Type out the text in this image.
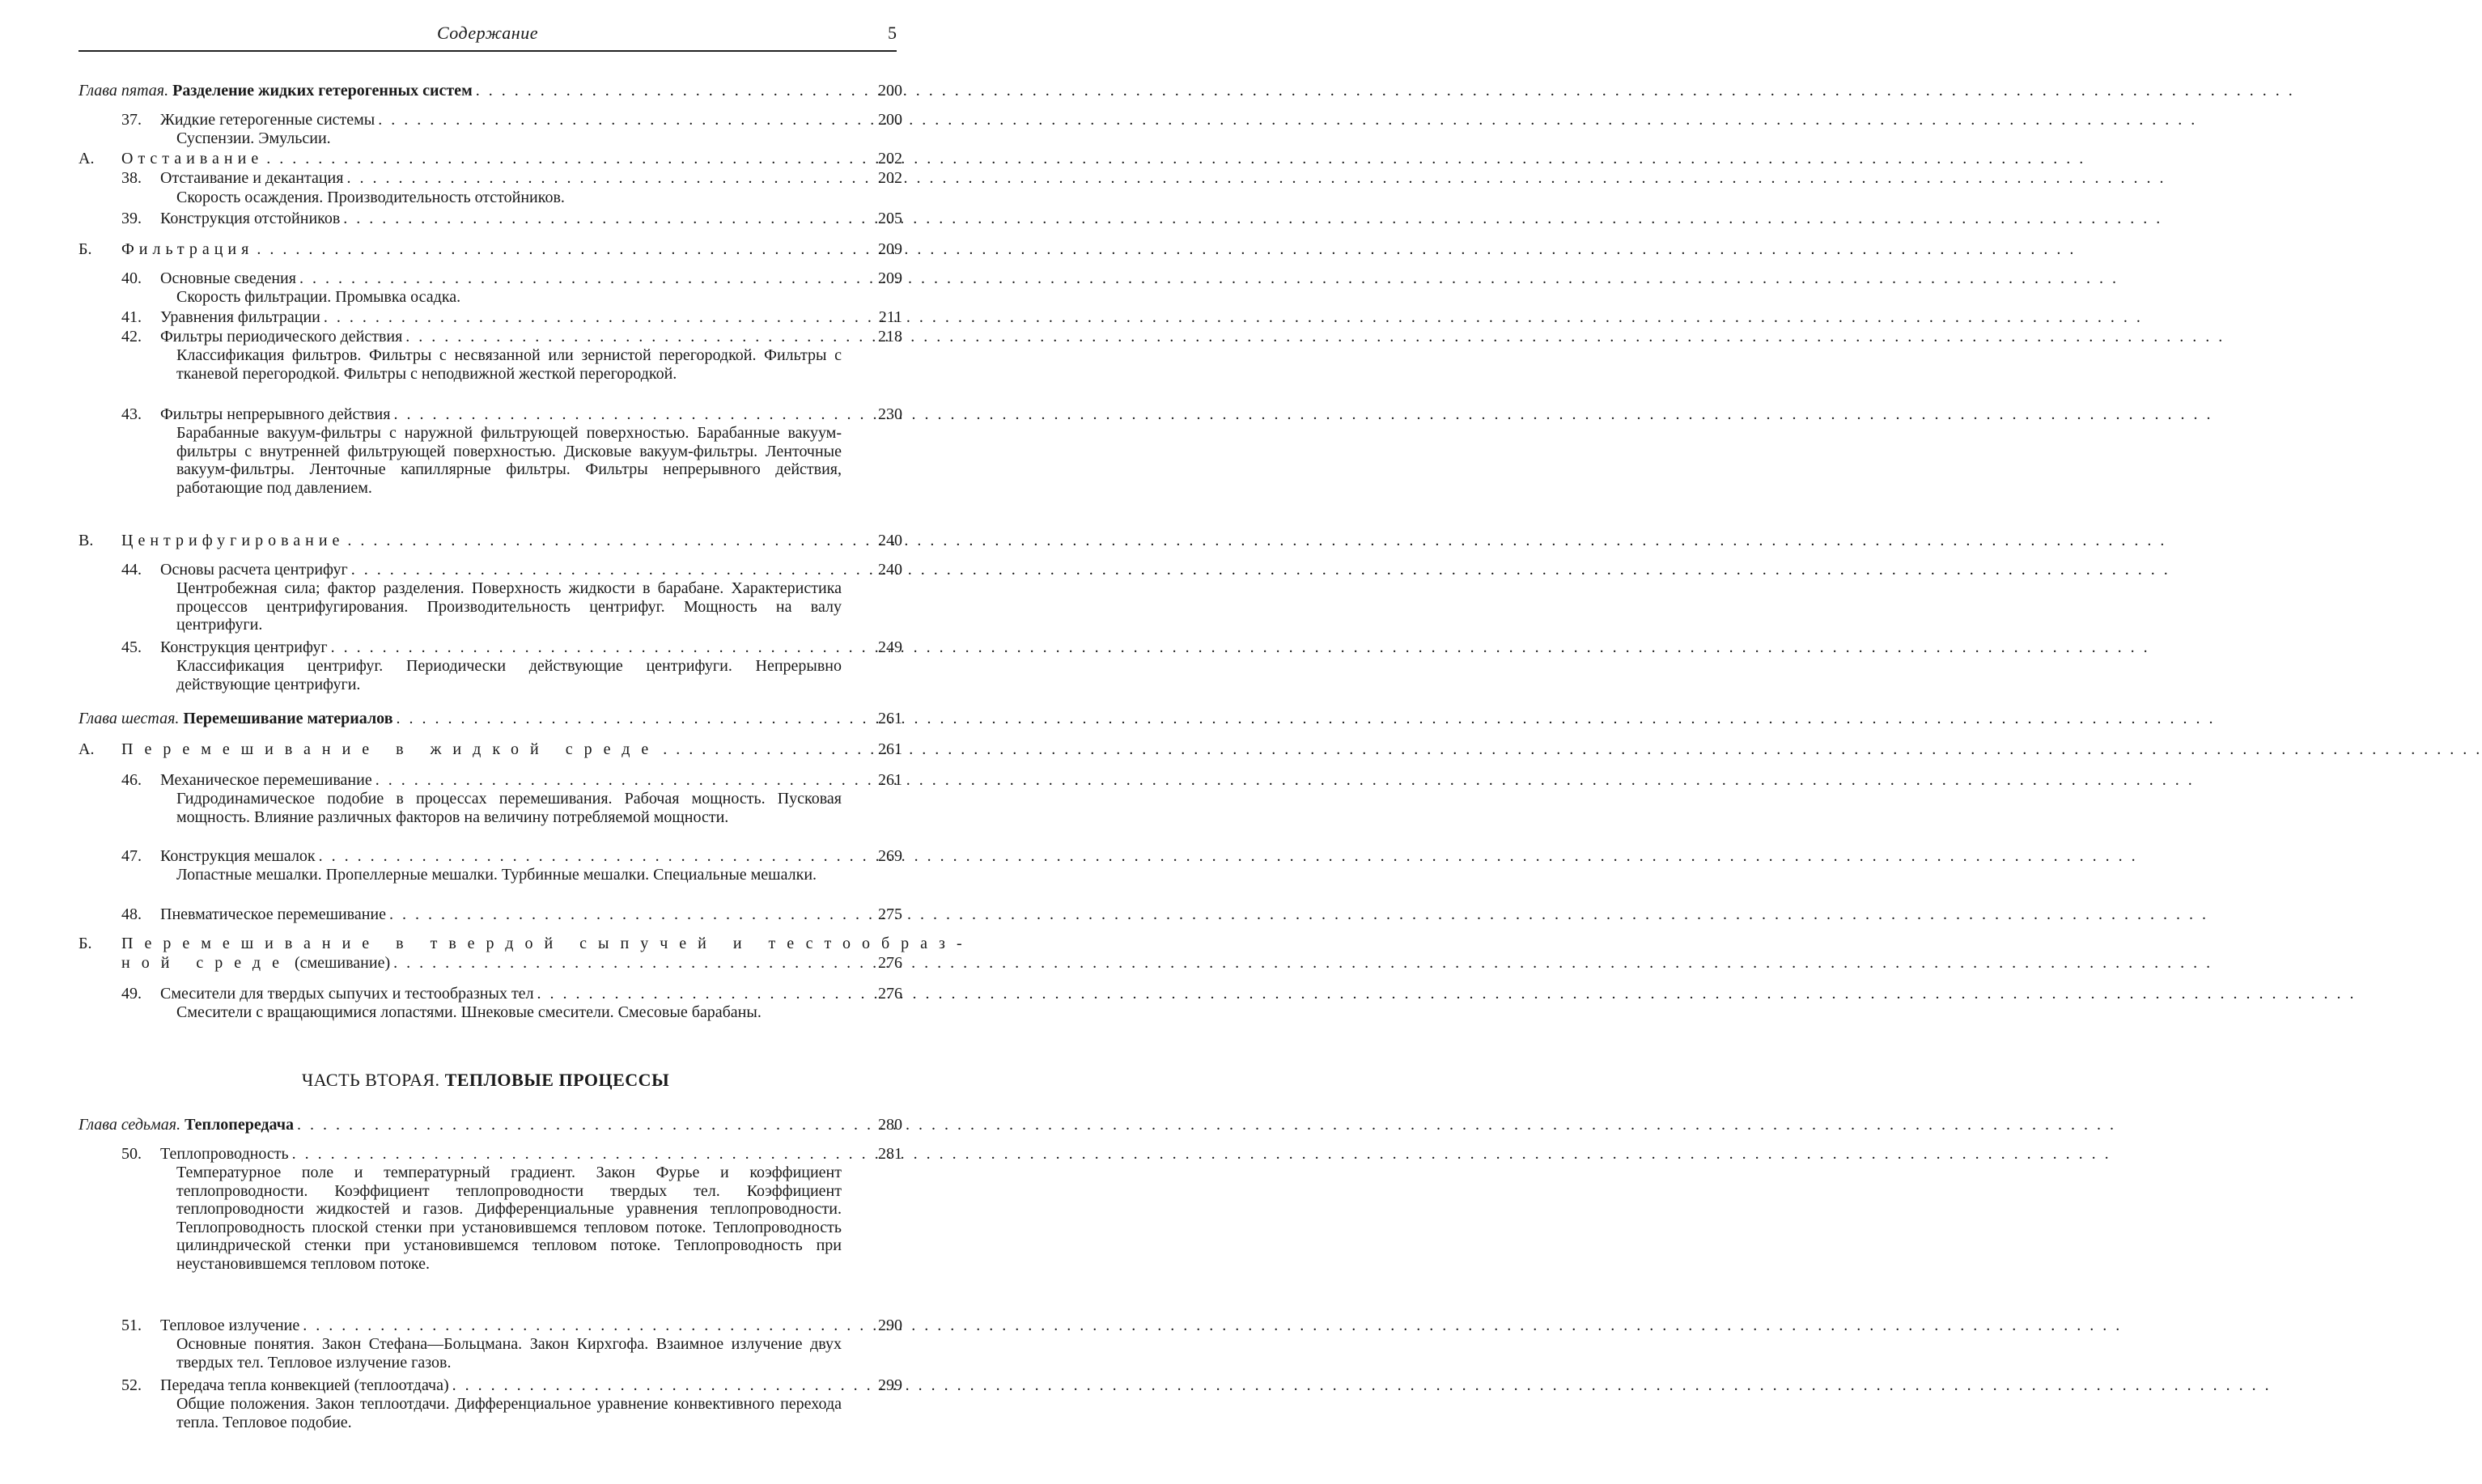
Содержание	5
Глава пятая. Разделение жидких гетерогенных систем . . .	200
37. Жидкие гетерогенные системы . . .	200
Суспензии. Эмульсии.
А. Отстаивание . . .	202
38. Отстаивание и декантация . . .	202
Скорость осаждения. Производительность отстойников.
39. Конструкция отстойников . . .	205
Б. Фильтрация . . .	209
40. Основные сведения . . .	209
Скорость фильтрации. Промывка осадка.
41. Уравнения фильтрации . . .	211
42. Фильтры периодического действия . . .	218
Классификация фильтров. Фильтры с несвязанной или зернистой перегородкой. Фильтры с тканевой перегородкой. Фильтры с неподвижной жесткой перегородкой.
43. Фильтры непрерывного действия . . .	230
Барабанные вакуум-фильтры с наружной фильтрующей поверхностью. Барабанные вакуум-фильтры с внутренней фильтрующей поверхностью. Дисковые вакуум-фильтры. Ленточные вакуум-фильтры. Ленточные капиллярные фильтры. Фильтры непрерывного действия, работающие под давлением.
В. Центрифугирование . . .	240
44. Основы расчета центрифуг . . .	240
Центробежная сила; фактор разделения. Поверхность жидкости в барабане. Характеристика процессов центрифугирования. Производительность центрифуг. Мощность на валу центрифуги.
45. Конструкция центрифуг . . .	249
Классификация центрифуг. Периодически действующие центрифуги. Непрерывно действующие центрифуги.
Глава шестая. Перемешивание материалов . . .	261
А. Перемешивание в жидкой среде . . .	261
46. Механическое перемешивание . . .	261
Гидродинамическое подобие в процессах перемешивания. Рабочая мощность. Пусковая мощность. Влияние различных факторов на величину потребляемой мощности.
47. Конструкция мешалок . . .	269
Лопастные мешалки. Пропеллерные мешалки. Турбинные мешалки. Специальные мешалки.
48. Пневматическое перемешивание . . .	275
Б. Перемешивание в твердой сыпучей и тестообраз-
ной среде (смешивание) . . .	276
49. Смесители для твердых сыпучих и тестообразных тел . . .	276
Смесители с вращающимися лопастями. Шнековые смесители. Смесовые барабаны.
ЧАСТЬ ВТОРАЯ. ТЕПЛОВЫЕ ПРОЦЕССЫ
Глава седьмая. Теплопередача . . .	280
50. Теплопроводность . . .	281
Температурное поле и температурный градиент. Закон Фурье и коэффициент теплопроводности. Коэффициент теплопроводности твердых тел. Коэффициент теплопроводности жидкостей и газов. Дифференциальные уравнения теплопроводности. Теплопроводность плоской стенки при установившемся тепловом потоке. Теплопроводность цилиндрической стенки при установившемся тепловом потоке. Теплопроводность при неустановившемся тепловом потоке.
51. Тепловое излучение . . .	290
Основные понятия. Закон Стефана—Больцмана. Закон Кирхгофа. Взаимное излучение двух твердых тел. Тепловое излучение газов.
52. Передача тепла конвекцией (теплоотдача) . . .	299
Общие положения. Закон теплоотдачи. Дифференциальное уравнение конвективного перехода тепла. Тепловое подобие.
